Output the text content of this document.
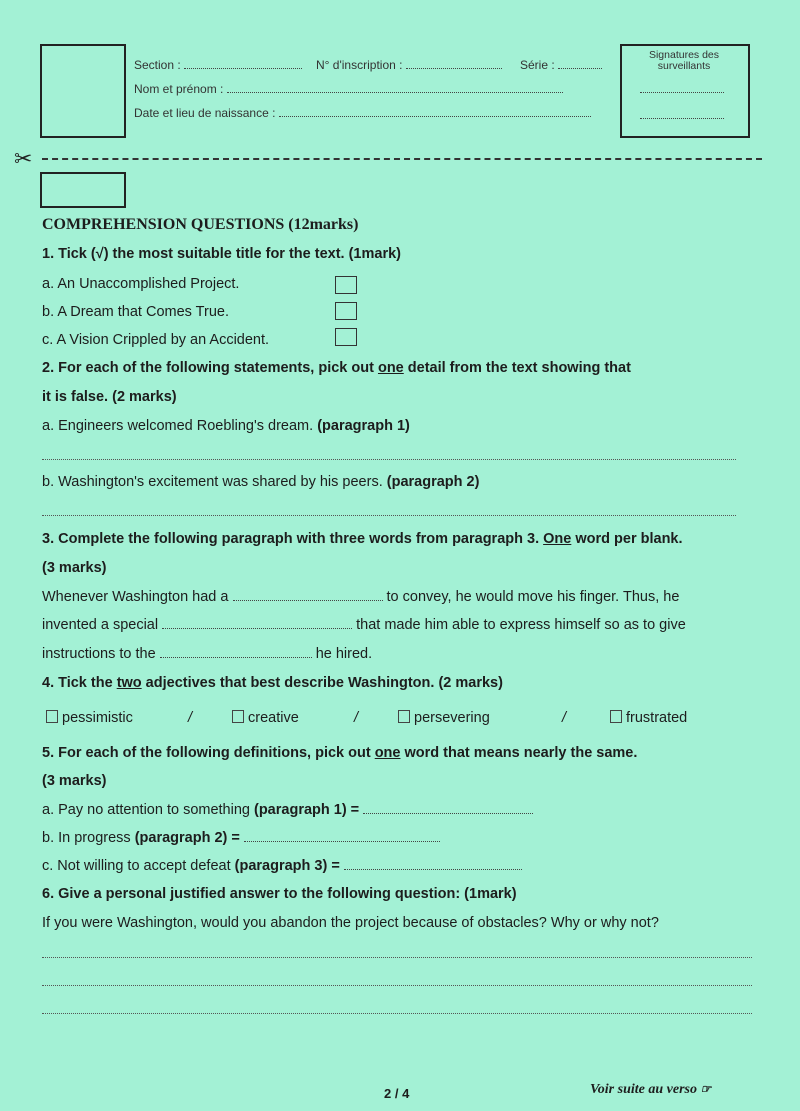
Signatures des surveillants
Section :	N° d'inscription :	Série :
Nom et prénom :
Date et lieu de naissance :
✂
COMPREHENSION QUESTIONS (12marks)
1. Tick (√) the most suitable title for the text. (1mark)
a. An Unaccomplished Project.
b. A Dream that Comes True.
c. A Vision Crippled by an Accident.
2. For each of the following statements, pick out one detail from the text showing that
it is false. (2 marks)
a. Engineers welcomed Roebling's dream. (paragraph 1)
b. Washington's excitement was shared by his peers. (paragraph 2)
3. Complete the following paragraph with three words from paragraph 3. One word per blank.
(3 marks)
Whenever Washington had a	to convey, he would move his finger. Thus, he
invented a special	that made him able to express himself so as to give
instructions to the	he hired.
4. Tick the two adjectives that best describe Washington. (2 marks)
pessimistic	/	creative	/	persevering	/	frustrated
5. For each of the following definitions, pick out one word that means nearly the same.
(3 marks)
a. Pay no attention to something (paragraph 1) =
b. In progress (paragraph 2) =
c. Not willing to accept defeat (paragraph 3) =
6. Give a personal justified answer to the following question: (1mark)
If you were Washington, would you abandon the project because of obstacles? Why or why not?
2 / 4	Voir suite au verso ☞
